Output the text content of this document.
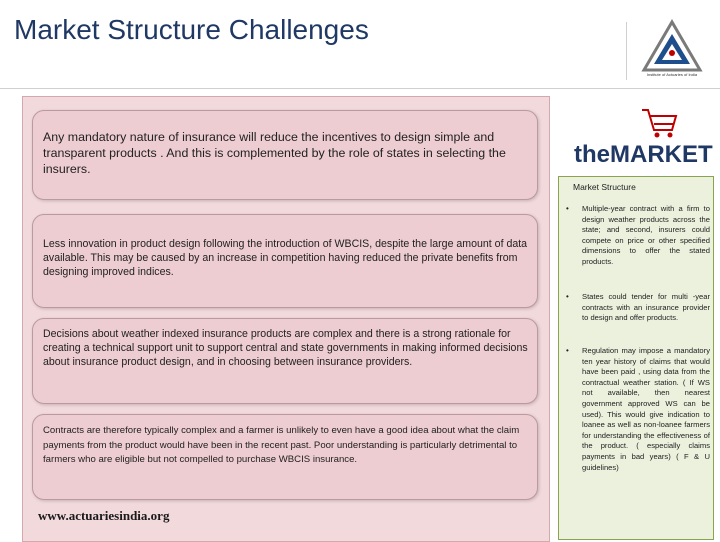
Market Structure Challenges
Institute of Actuaries of India
Any mandatory nature of insurance will reduce the incentives to design simple and transparent products . And this is complemented by the role of states in selecting the insurers.
Less innovation in product design following the introduction of WBCIS, despite the large amount of data available. This may be caused by an increase in competition having reduced the private benefits from designing improved indices.
Decisions about weather indexed insurance products are complex and there is a strong rationale for creating a technical support unit to support central and state governments in making informed decisions about insurance product design, and in choosing between insurance providers.
Contracts are therefore typically complex and a farmer is unlikely to even have a good idea about what the claim payments from the product would have been in the recent past. Poor understanding is particularly detrimental to farmers who are eligible but not compelled to purchase WBCIS insurance.
www.actuariesindia.org
theMARKET
Market Structure
• Multiple-year contract with a firm to design weather products across the state; and second, insurers could compete on price or other specified dimensions to offer the stated products.
• States could tender for multi -year contracts with an insurance provider to design and offer products.
• Regulation may impose a mandatory ten year history of claims that would have been paid , using data from the contractual weather station. ( If WS not available, then nearest government approved WS can be used). This would give indication to loanee as well as non-loanee farmers for understanding the effectiveness of the product. ( especially claims payments in bad years) ( F & U guidelines)
